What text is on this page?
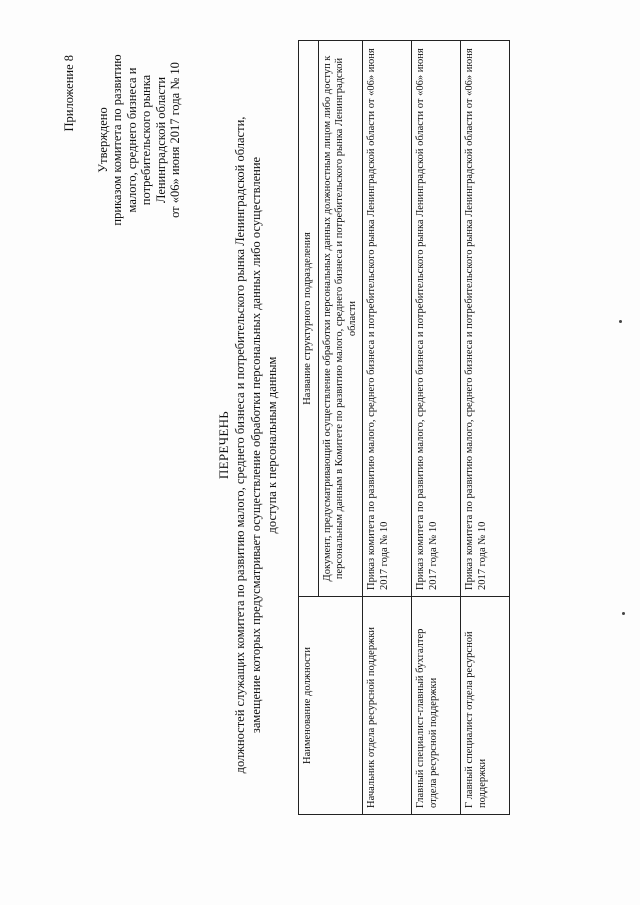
Приложение 8
Утверждено приказом комитета по развитию малого, среднего бизнеса и потребительского рынка Ленинградской области от «06» июня 2017 года № 10
ПЕРЕЧЕНЬ должностей служащих комитета по развитию малого, среднего бизнеса и потребительского рынка Ленинградской области, замещение которых предусматривает осуществление обработки персональных данных либо осуществление доступа к персональным данным
Наименование должности	Название структурного подразделения
	Документ, предусматривающий осуществление обработки персональных данных должностным лицом либо доступ к персональным данным в Комитете по развитию малого, среднего бизнеса и потребительского рынка Ленинградской области
Начальник отдела ресурсной поддержки	Приказ комитета по развитию малого, среднего бизнеса и потребительского рынка Ленинградской области от «06» июня 2017 года № 10
Главный специалист-главный бухгалтер отдела ресурсной поддержки	Приказ комитета по развитию малого, среднего бизнеса и потребительского рынка Ленинградской области от «06» июня 2017 года № 10
Г лавный специалист отдела ресурсной поддержки	Приказ комитета по развитию малого, среднего бизнеса и потребительского рынка Ленинградской области от «06» июня 2017 года № 10
